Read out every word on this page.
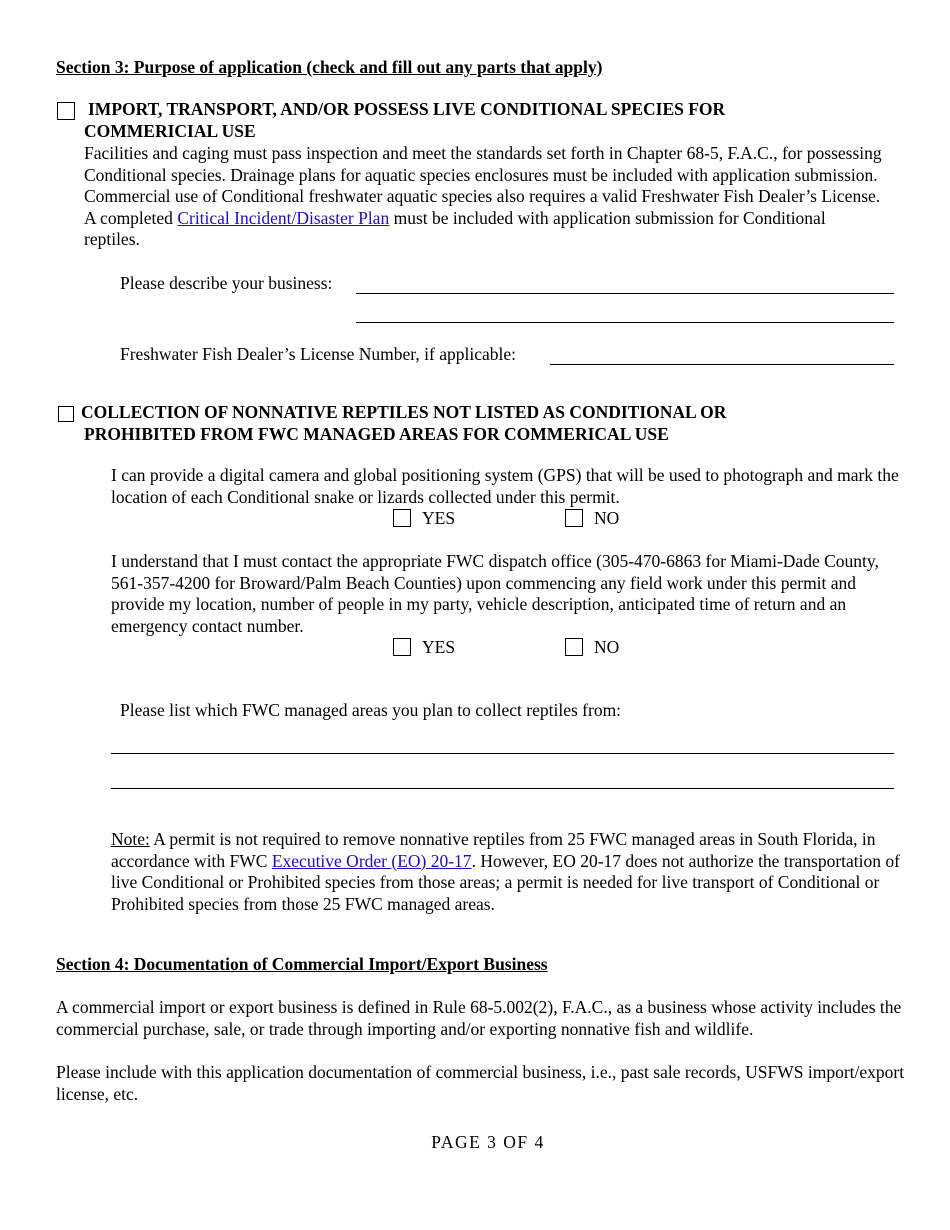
Section 3: Purpose of application (check and fill out any parts that apply)
IMPORT, TRANSPORT, AND/OR POSSESS LIVE CONDITIONAL SPECIES FOR
COMMERICIAL USE
Facilities and caging must pass inspection and meet the standards set forth in Chapter 68-5, F.A.C., for possessing Conditional species. Drainage plans for aquatic species enclosures must be included with application submission. Commercial use of Conditional freshwater aquatic species also requires a valid Freshwater Fish Dealer’s License. A completed Critical Incident/Disaster Plan must be included with application submission for Conditional reptiles.
Please describe your business:
Freshwater Fish Dealer’s License Number, if applicable:
COLLECTION OF NONNATIVE REPTILES NOT LISTED AS CONDITIONAL OR
PROHIBITED FROM FWC MANAGED AREAS FOR COMMERICAL USE
I can provide a digital camera and global positioning system (GPS) that will be used to photograph and mark the location of each Conditional snake or lizards collected under this permit.
YES	NO
I understand that I must contact the appropriate FWC dispatch office (305-470-6863 for Miami-Dade County, 561-357-4200 for Broward/Palm Beach Counties) upon commencing any field work under this permit and provide my location, number of people in my party, vehicle description, anticipated time of return and an emergency contact number.
YES	NO
Please list which FWC managed areas you plan to collect reptiles from:
Note: A permit is not required to remove nonnative reptiles from 25 FWC managed areas in South Florida, in accordance with FWC Executive Order (EO) 20-17. However, EO 20-17 does not authorize the transportation of live Conditional or Prohibited species from those areas; a permit is needed for live transport of Conditional or Prohibited species from those 25 FWC managed areas.
Section 4: Documentation of Commercial Import/Export Business
A commercial import or export business is defined in Rule 68-5.002(2), F.A.C., as a business whose activity includes the commercial purchase, sale, or trade through importing and/or exporting nonnative fish and wildlife.
Please include with this application documentation of commercial business, i.e., past sale records, USFWS import/export license, etc.
PAGE 3 OF 4
